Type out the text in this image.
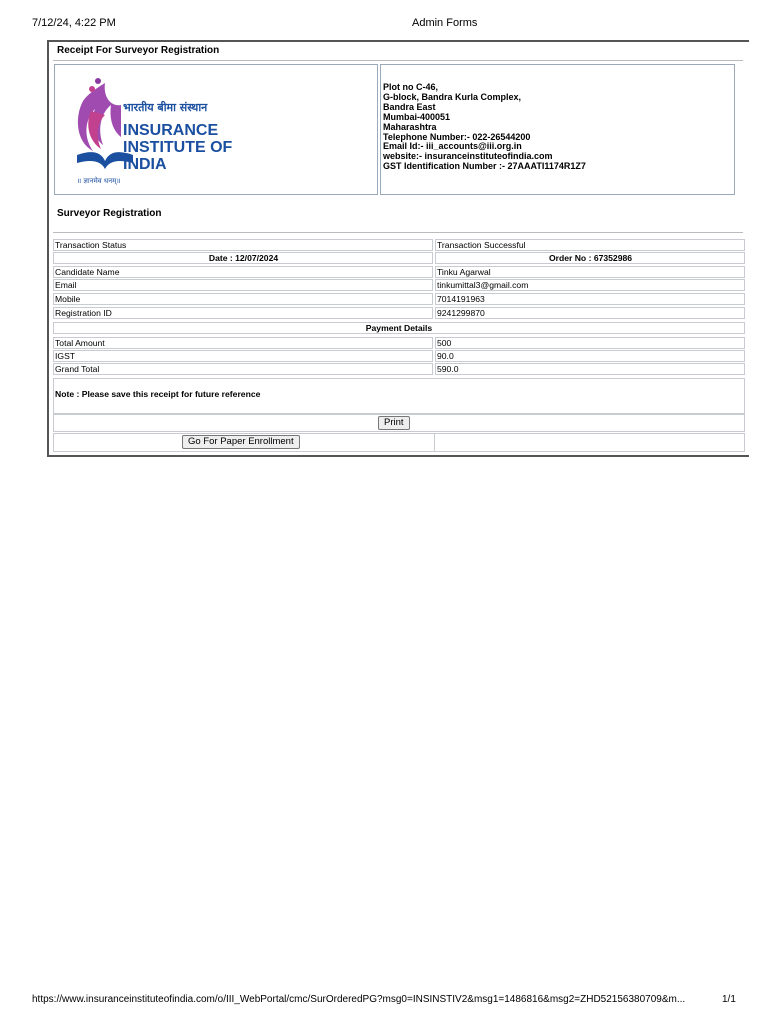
7/12/24, 4:22 PM	Admin Forms
Receipt For Surveyor Registration
भारतीय बीमा संस्थान
INSURANCE
INSTITUTE OF
INDIA
॥ ज्ञानमेव धनम्॥
Plot no C-46,
G-block, Bandra Kurla Complex,
Bandra East
Mumbai-400051
Maharashtra
Telephone Number:- 022-26544200
Email Id:- iii_accounts@iii.org.in
website:- insuranceinstituteofindia.com
GST Identification Number :- 27AAATI1174R1Z7
Surveyor Registration
Transaction Status	Transaction Successful
Date : 12/07/2024	Order No : 67352986
Candidate Name	Tinku Agarwal
Email	tinkumittal3@gmail.com
Mobile	7014191963
Registration ID	9241299870
Payment Details
Total Amount	500
IGST	90.0
Grand Total	590.0
Note : Please save this receipt for future reference
Print
Go For Paper Enrollment
https://www.insuranceinstituteofindia.com/o/III_WebPortal/cmc/SurOrderedPG?msg0=INSINSTIV2&msg1=1486816&msg2=ZHD52156380709&m...	1/1
